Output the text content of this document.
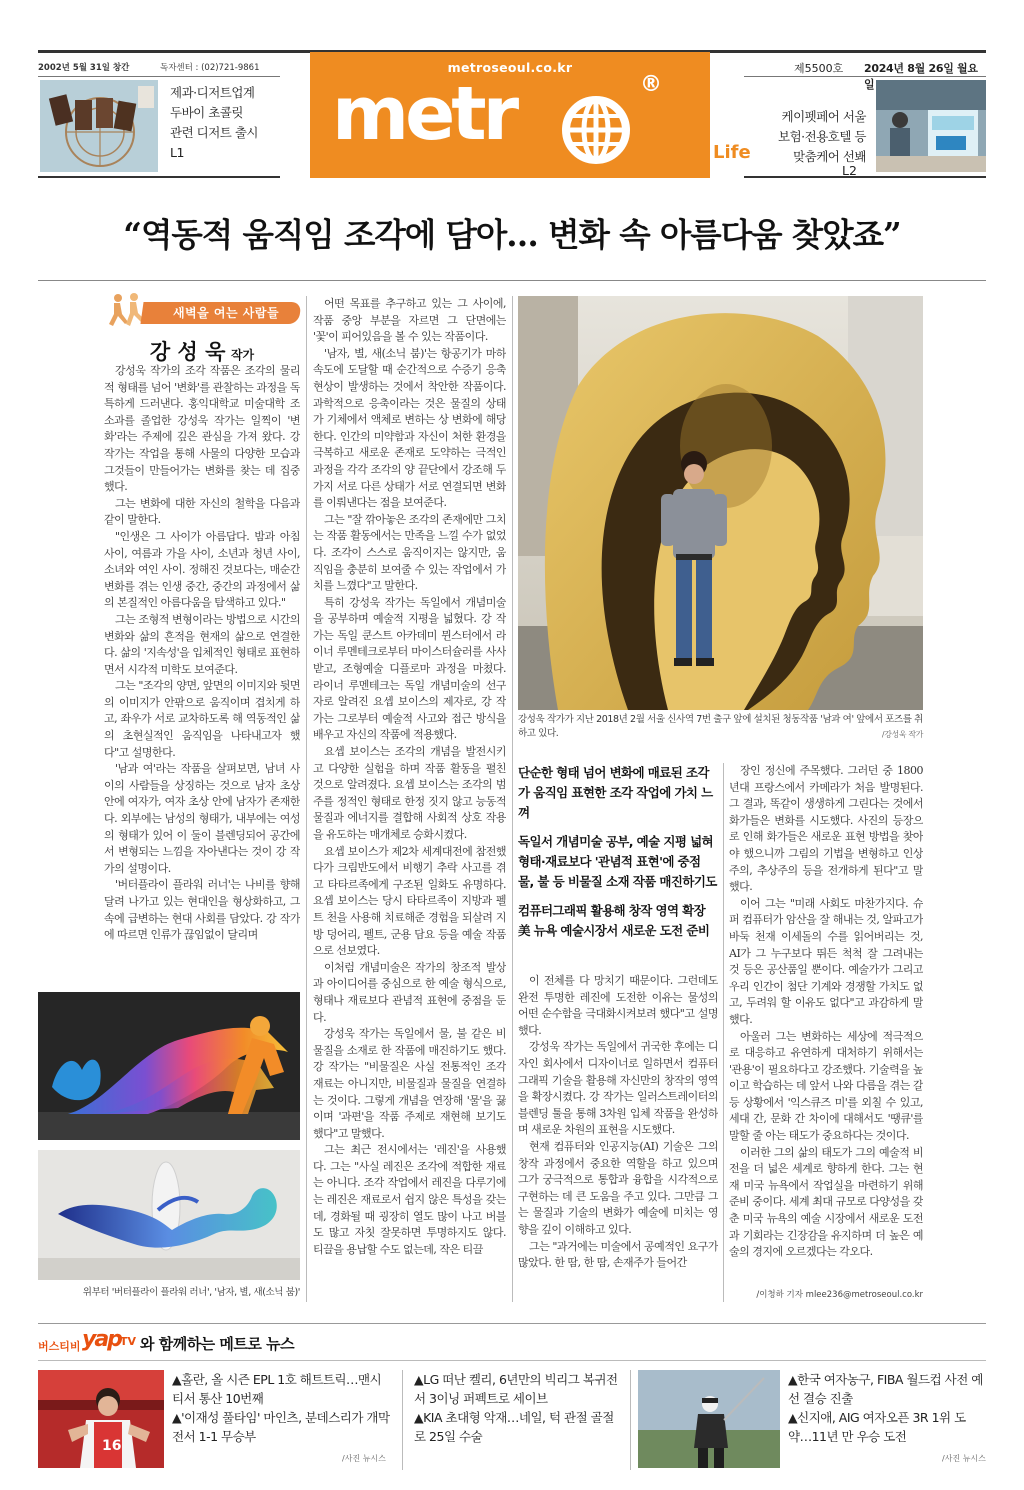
2002년 5월 31일 창간	독자센터 : (02)721-9861
제과·디저트업계
두바이 초콜릿
관련 디저트 출시
L1
metroseoul.co.kr
metr	®
Life
제5500호 2024년 8월 26일 월요일
케이펫페어 서울
보험·전용호텔 등
맞춤케어 선봬
L2
“역동적 움직임 조각에 담아… 변화 속 아름다움 찾았죠”
새벽을 여는 사람들
강 성 욱 작가

강성욱 작가의 조각 작품은 조각의 물리적 형태를 넘어 '변화'를 관찰하는 과정을 독특하게 드러낸다. 홍익대학교 미술대학 조소과를 졸업한 강성욱 작가는 일찍이 '변화'라는 주제에 깊은 관심을 가져 왔다. 강 작가는 작업을 통해 사물의 다양한 모습과 그것들이 만들어가는 변화를 찾는 데 집중했다.

그는 변화에 대한 자신의 철학을 다음과 같이 말한다.

"인생은 그 사이가 아름답다. 밤과 아침 사이, 여름과 가을 사이, 소년과 청년 사이, 소녀와 여인 사이. 정해진 것보다는, 매순간 변화를 겪는 인생 중간, 중간의 과정에서 삶의 본질적인 아름다움을 탐색하고 있다."

그는 조형적 변형이라는 방법으로 시간의 변화와 삶의 흔적을 현재의 삶으로 연결한다. 삶의 '지속성'을 입체적인 형태로 표현하면서 시각적 미학도 보여준다.

그는 "조각의 양면, 앞면의 이미지와 뒷면의 이미지가 안팎으로 움직이며 겹치게 하고, 좌우가 서로 교차하도록 해 역동적인 삶의 초현실적인 움직임을 나타내고자 했다"고 설명한다.

'남과 여'라는 작품을 살펴보면, 남녀 사이의 사람들을 상징하는 것으로 남자 초상 안에 여자가, 여자 초상 안에 남자가 존재한다. 외부에는 남성의 형태가, 내부에는 여성의 형태가 있어 이 둘이 블렌딩되어 공간에서 변형되는 느낌을 자아낸다는 것이 강 작가의 설명이다.

'버터플라이 플라워 러너'는 나비를 향해 달려 나가고 있는 현대인을 형상화하고, 그 속에 급변하는 현대 사회를 담았다. 강 작가에 따르면 인류가 끊임없이 달리며

어떤 목표를 추구하고 있는 그 사이에, 작품 중앙 부분을 자르면 그 단면에는 '꽃'이 피어있음을 볼 수 있는 작품이다.

'남자, 별, 새(소닉 붐)'는 항공기가 마하 속도에 도달할 때 순간적으로 수증기 응축 현상이 발생하는 것에서 착안한 작품이다. 과학적으로 응축이라는 것은 물질의 상태가 기체에서 액체로 변하는 상 변화에 해당한다. 인간의 미약함과 자신이 처한 환경을 극복하고 새로운 존재로 도약하는 극적인 과정을 각각 조각의 양 끝단에서 강조해 두 가지 서로 다른 상태가 서로 연결되면 변화를 이뤄낸다는 점을 보여준다.

그는 "잘 깎아놓은 조각의 존재에만 그치는 작품 활동에서는 만족을 느낄 수가 없었다. 조각이 스스로 움직이지는 않지만, 움직임을 충분히 보여줄 수 있는 작업에서 가치를 느꼈다"고 말한다.

특히 강성욱 작가는 독일에서 개념미술을 공부하며 예술적 지평을 넓혔다. 강 작가는 독일 쿤스트 아카데미 뮌스터에서 라이너 루멘테크로부터 마이스터슐러를 사사받고, 조형예술 디플로마 과정을 마쳤다. 라이너 루멘테크는 독일 개념미술의 선구자로 알려진 요셉 보이스의 제자로, 강 작가는 그로부터 예술적 사고와 접근 방식을 배우고 자신의 작품에 적용했다.

요셉 보이스는 조각의 개념을 발전시키고 다양한 실험을 하며 작품 활동을 펼친 것으로 알려졌다. 요셉 보이스는 조각의 범주를 정적인 형태로 한정 짓지 않고 능동적 물질과 에너지를 결합해 사회적 상호 작용을 유도하는 매개체로 승화시켰다.

요셉 보이스가 제2차 세계대전에 참전했다가 크림반도에서 비행기 추락 사고를 겪고 타타르족에게 구조된 일화도 유명하다. 요셉 보이스는 당시 타타르족이 지방과 펠트 천을 사용해 치료해준 경험을 되살려 지방 덩어리, 펠트, 군용 담요 등을 예술 작품으로 선보였다.

이처럼 개념미술은 작가의 창조적 발상과 아이디어를 중심으로 한 예술 형식으로, 형태나 재료보다 관념적 표현에 중점을 둔다.

강성욱 작가는 독일에서 물, 불 같은 비물질을 소재로 한 작품에 매진하기도 했다. 강 작가는 "비물질은 사실 전통적인 조각 재료는 아니지만, 비물질과 물질을 연결하는 것이다. 그렇게 개념을 연장해 '물'을 끓이며 '과편'을 작품 주제로 재현해 보기도 했다"고 말했다.

그는 최근 전시에서는 '레진'을 사용했다. 그는 "사실 레진은 조각에 적합한 재료는 아니다. 조각 작업에서 레진을 다루기에는 레진은 재료로서 쉽지 않은 특성을 갖는데, 경화될 때 굉장히 열도 많이 나고 버블도 많고 자칫 잘못하면 투명하지도 않다. 티끌을 용납할 수도 없는데, 작은 티끌

강성욱 작가가 지난 2018년 2월 서울 신사역 7번 출구 앞에 설치된 청동작품 '남과 여' 앞에서 포즈를 취하고 있다.	/강성욱 작가
단순한 형태 넘어 변화에 매료된 조각가 움직임 표현한 조각 작업에 가치 느껴
독일서 개념미술 공부, 예술 지평 넓혀 형태·재료보다 '관념적 표현'에 중점 물, 불 등 비물질 소재 작품 매진하기도
컴퓨터그래픽 활용해 창작 영역 확장 美 뉴욕 예술시장서 새로운 도전 준비

이 전체를 다 망치기 때문이다. 그런데도 완전 투명한 레진에 도전한 이유는 물성의 어떤 순수함을 극대화시켜보려 했다"고 설명했다.

강성욱 작가는 독일에서 귀국한 후에는 디자인 회사에서 디자이너로 일하면서 컴퓨터 그래픽 기술을 활용해 자신만의 창작의 영역을 확장시켰다. 강 작가는 일러스트레이터의 블렌딩 툴을 통해 3차원 입체 작품을 완성하며 새로운 차원의 표현을 시도했다.

현재 컴퓨터와 인공지능(AI) 기술은 그의 창작 과정에서 중요한 역할을 하고 있으며 그가 궁극적으로 통합과 융합을 시각적으로 구현하는 데 큰 도움을 주고 있다. 그만큼 그는 물질과 기술의 변화가 예술에 미치는 영향을 깊이 이해하고 있다.

그는 "과거에는 미술에서 공예적인 요구가 많았다. 한 땀, 한 땀, 손재주가 들어간

장인 정신에 주목했다. 그러던 중 1800년대 프랑스에서 카메라가 처음 발명된다. 그 결과, 똑같이 생생하게 그린다는 것에서 화가들은 변화를 시도했다. 사진의 등장으로 인해 화가들은 새로운 표현 방법을 찾아야 했으니까 그림의 기법을 변형하고 인상주의, 추상주의 등을 전개하게 된다"고 말했다.

이어 그는 "미래 사회도 마찬가지다. 슈퍼 컴퓨터가 암산을 잘 해내는 것, 알파고가 바둑 천재 이세돌의 수를 읽어버리는 것, AI가 그 누구보다 뛰든 척척 잘 그려내는 것 등은 공산품일 뿐이다. 예술가가 그리고 우리 인간이 첨단 기계와 경쟁할 가치도 없고, 두려워 할 이유도 없다"고 과감하게 말했다.

아울러 그는 변화하는 세상에 적극적으로 대응하고 유연하게 대처하기 위해서는 '관용'이 필요하다고 강조했다. 기술력을 높이고 학습하는 데 앞서 나와 다름을 겪는 갈등 상황에서 '익스큐즈 미'를 외칠 수 있고, 세대 간, 문화 간 차이에 대해서도 '땡큐'를 말할 줄 아는 태도가 중요하다는 것이다.

이러한 그의 삶의 태도가 그의 예술적 비전을 더 넓은 세계로 향하게 한다. 그는 현재 미국 뉴욕에서 작업실을 마련하기 위해 준비 중이다. 세계 최대 규모로 다양성을 갖춘 미국 뉴욕의 예술 시장에서 새로운 도전과 기회라는 긴장감을 유지하며 더 높은 예술의 경지에 오르겠다는 각오다.

/이청하 기자 mlee236@metroseoul.co.kr
위부터 '버터플라이 플라워 러너', '남자, 별, 새(소닉 붐)'
버스티비 yap TV 와 함께하는 메트로 뉴스
16
▲홀란, 올 시즌 EPL 1호 해트트릭…맨시티서 통산 10번째
▲'이재성 풀타임' 마인츠, 분데스리가 개막전서 1-1 무승부
/사진 뉴시스
▲LG 떠난 켈리, 6년만의 빅리그 복귀전서 3이닝 퍼펙트로 세이브
▲KIA 초대형 악재…네일, 턱 관절 골절로 25일 수술
▲한국 여자농구, FIBA 월드컵 사전 예선 결승 진출
▲신지애, AIG 여자오픈 3R 1위 도약…11년 만 우승 도전
/사진 뉴시스
